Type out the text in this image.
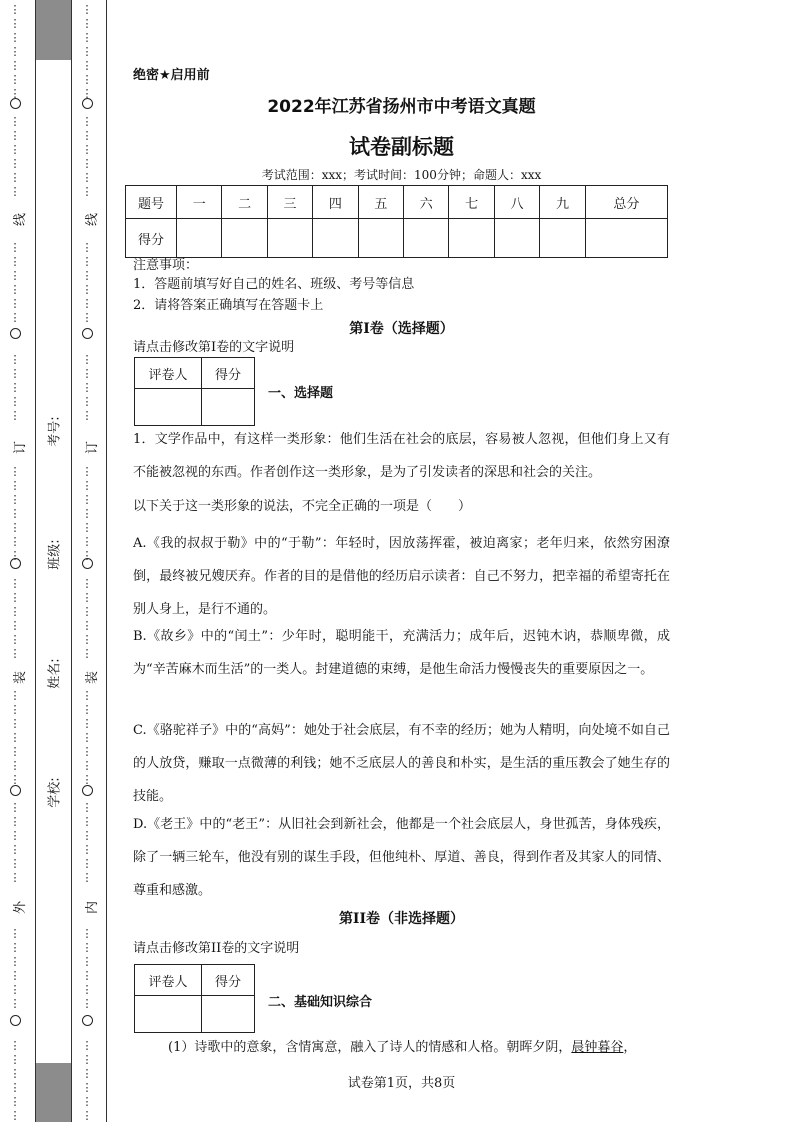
⋮
⋮
⋮
⋮
⋮
⋮
⋮
⋮
⋮
⋮
⋮
⋮
⋮
⋮
⋮
⋮
⋮
⋮
⋮
⋮
⋮
⋮
⋮
⋮
⋮
⋮
⋮
⋮
⋮
⋮
⋮
⋮
⋮
⋮
⋮
⋮
⋮
⋮
⋮
⋮
⋮
⋮
⋮
⋮
⋮
⋮
⋮
⋮
⋮
⋮
⋮
⋮
⋮
⋮
⋮
⋮
⋮
⋮
⋮
⋮
⋮
⋮
⋮
⋮
⋮
⋮
⋮
⋮
⋮
⋮
⋮
⋮
⋮
⋮
⋮
⋮
⋮
⋮
⋮
⋮
⋮
⋮
⋮
⋮
⋮
⋮
⋮
⋮
⋮
⋮
⋮
⋮
⋮
⋮
⋮
⋮
⋮
⋮
⋮
⋮
⋮
⋮
⋮
⋮
⋮
⋮
⋮
⋮
⋮
⋮
⋮
⋮
⋮
⋮
⋮
⋮
⋮
⋮
⋮
⋮
⋮
⋮
⋮
⋮
线
订
装
外
线
订
装
内
考号:
班级:
姓名:
学校:
绝密★启用前
2022年江苏省扬州市中考语文真题
试卷副标题
考试范围：xxx；考试时间：100分钟；命题人：xxx
题号	一	二	三	四	五	六	七	八	九	总分
得分										
注意事项：
1．答题前填写好自己的姓名、班级、考号等信息
2．请将答案正确填写在答题卡上
第I卷（选择题）
请点击修改第I卷的文字说明
评卷人	得分

一、选择题
1．文学作品中，有这样一类形象：他们生活在社会的底层，容易被人忽视，但他们身上又有不能被忽视的东西。作者创作这一类形象，是为了引发读者的深思和社会的关注。
以下关于这一类形象的说法，不完全正确的一项是（　　）
A.《我的叔叔于勒》中的“于勒”：年轻时，因放荡挥霍，被迫离家；老年归来，依然穷困潦倒，最终被兄嫂厌弃。作者的目的是借他的经历启示读者：自己不努力，把幸福的希望寄托在别人身上，是行不通的。
B.《故乡》中的“闰土”：少年时，聪明能干，充满活力；成年后，迟钝木讷，恭顺卑微，成为“辛苦麻木而生活”的一类人。封建道德的束缚，是他生命活力慢慢丧失的重要原因之一。
C.《骆驼祥子》中的“高妈”：她处于社会底层，有不幸的经历；她为人精明，向处境不如自己的人放贷，赚取一点微薄的利钱；她不乏底层人的善良和朴实，是生活的重压教会了她生存的技能。
D.《老王》中的“老王”：从旧社会到新社会，他都是一个社会底层人，身世孤苦，身体残疾，除了一辆三轮车，他没有别的谋生手段，但他纯朴、厚道、善良，得到作者及其家人的同情、尊重和感激。
第II卷（非选择题）
请点击修改第II卷的文字说明
评卷人	得分

二、基础知识综合
(1）诗歌中的意象，含情寓意，融入了诗人的情感和人格。朝晖夕阴，晨钟暮谷，
试卷第1页，共8页
